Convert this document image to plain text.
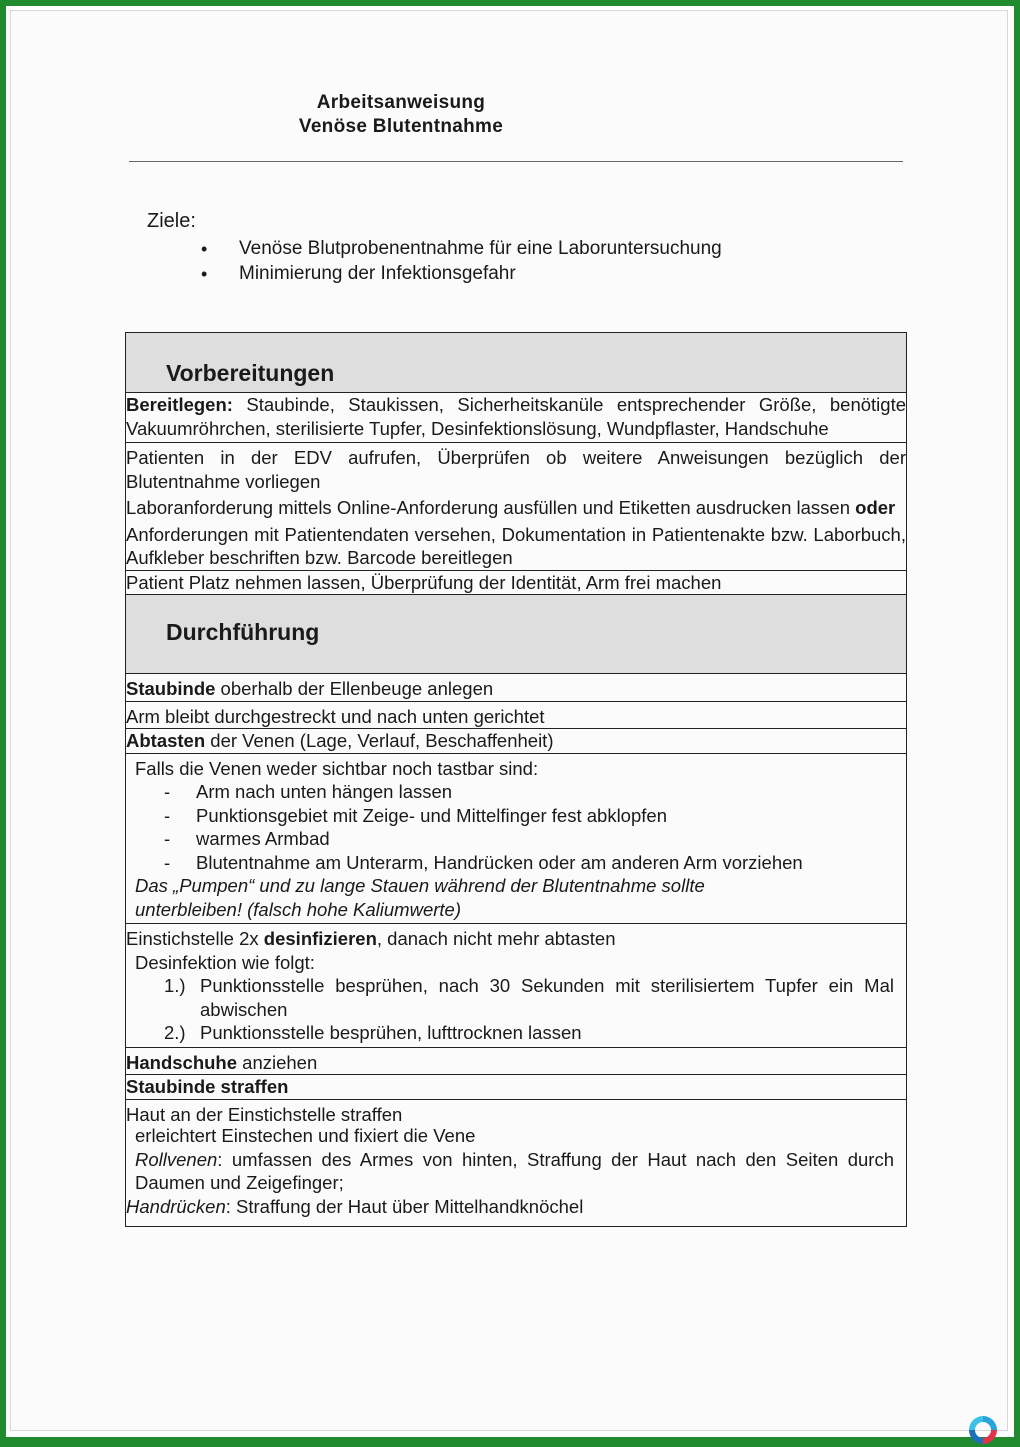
Arbeitsanweisung
Venöse Blutentnahme
Ziele:
• Venöse Blutprobenentnahme für eine Laboruntersuchung
• Minimierung der Infektionsgefahr
Vorbereitungen

Bereitlegen: Staubinde, Staukissen, Sicherheitskanüle entsprechender Größe, benötigte Vakuumröhrchen, sterilisierte Tupfer, Desinfektionslösung, Wundpflaster, Handschuhe

Patienten in der EDV aufrufen, Überprüfen ob weitere Anweisungen bezüglich der Blutentnahme vorliegen
Laboranforderung mittels Online-Anforderung ausfüllen und Etiketten ausdrucken lassen oder
Anforderungen mit Patientendaten versehen, Dokumentation in Patientenakte bzw. Laborbuch, Aufkleber beschriften bzw. Barcode bereitlegen

Patient Platz nehmen lassen, Überprüfung der Identität, Arm frei machen

Durchführung

Staubinde oberhalb der Ellenbeuge anlegen

Arm bleibt durchgestreckt und nach unten gerichtet

Abtasten der Venen (Lage, Verlauf, Beschaffenheit)

Falls die Venen weder sichtbar noch tastbar sind:
-	Arm nach unten hängen lassen
-	Punktionsgebiet mit Zeige- und Mittelfinger fest abklopfen
-	warmes Armbad
-	Blutentnahme am Unterarm, Handrücken oder am anderen Arm vorziehen
Das „Pumpen“ und zu lange Stauen während der Blutentnahme sollte unterbleiben! (falsch hohe Kaliumwerte)

Einstichstelle 2x desinfizieren, danach nicht mehr abtasten
Desinfektion wie folgt:
1.) Punktionsstelle besprühen, nach 30 Sekunden mit sterilisiertem Tupfer ein Mal abwischen
2.) Punktionsstelle besprühen, lufttrocknen lassen

Handschuhe anziehen

Staubinde straffen

Haut an der Einstichstelle straffen
erleichtert Einstechen und fixiert die Vene
Rollvenen: umfassen des Armes von hinten, Straffung der Haut nach den Seiten durch Daumen und Zeigefinger;
Handrücken: Straffung der Haut über Mittelhandknöchel
